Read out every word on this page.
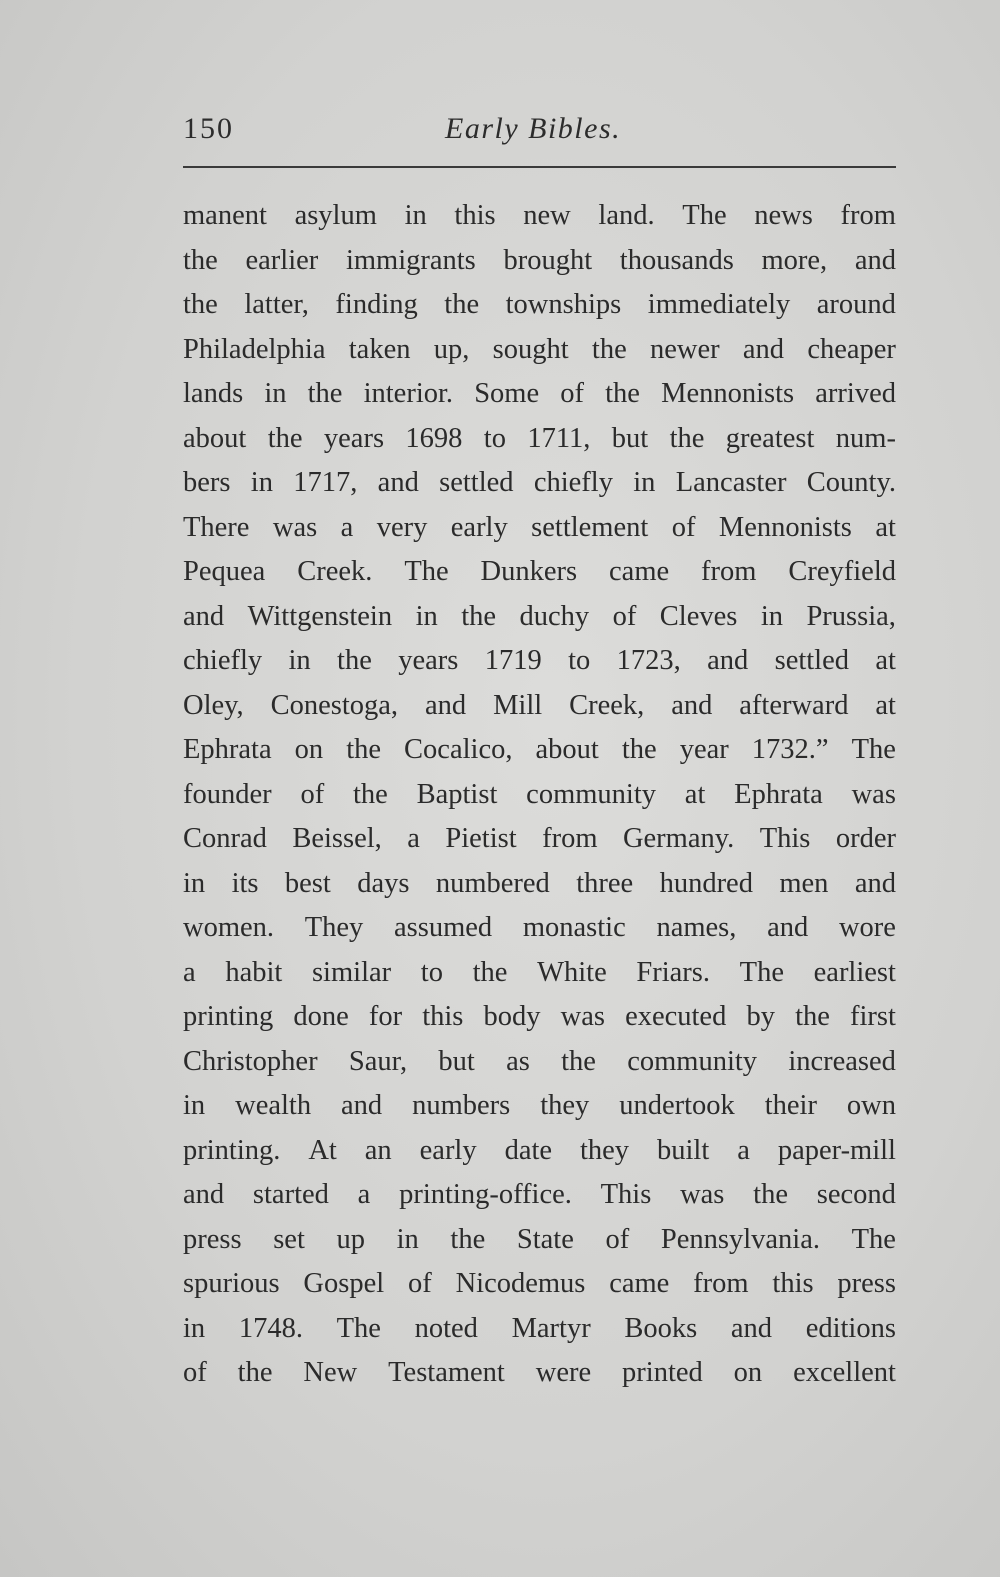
150	Early Bibles.
manent asylum in this new land. The news from
the earlier immigrants brought thousands more, and
the latter, finding the townships immediately around
Philadelphia taken up, sought the newer and cheaper
lands in the interior. Some of the Mennonists arrived
about the years 1698 to 1711, but the greatest num-
bers in 1717, and settled chiefly in Lancaster County.
There was a very early settlement of Mennonists at
Pequea Creek. The Dunkers came from Creyfield
and Wittgenstein in the duchy of Cleves in Prussia,
chiefly in the years 1719 to 1723, and settled at
Oley, Conestoga, and Mill Creek, and afterward at
Ephrata on the Cocalico, about the year 1732.” The
founder of the Baptist community at Ephrata was
Conrad Beissel, a Pietist from Germany. This order
in its best days numbered three hundred men and
women. They assumed monastic names, and wore
a habit similar to the White Friars. The earliest
printing done for this body was executed by the first
Christopher Saur, but as the community increased
in wealth and numbers they undertook their own
printing. At an early date they built a paper-mill
and started a printing-office. This was the second
press set up in the State of Pennsylvania. The
spurious Gospel of Nicodemus came from this press
in 1748. The noted Martyr Books and editions
of the New Testament were printed on excellent
